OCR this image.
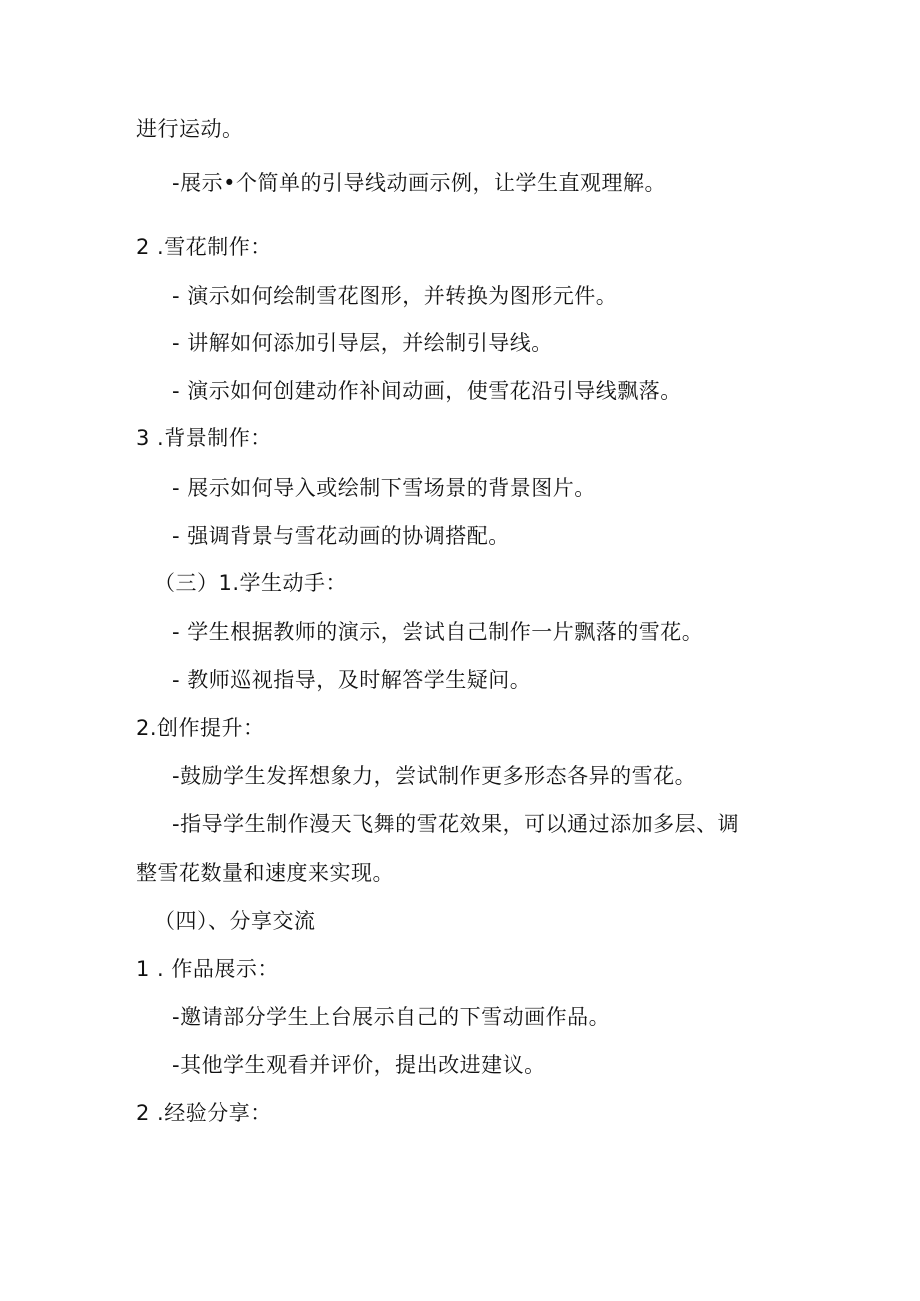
进行运动。
-展示•个简单的引导线动画示例，让学生直观理解。
2 .雪花制作：
- 演示如何绘制雪花图形，并转换为图形元件。
- 讲解如何添加引导层，并绘制引导线。
- 演示如何创建动作补间动画，使雪花沿引导线飘落。
3 .背景制作：
- 展示如何导入或绘制下雪场景的背景图片。
- 强调背景与雪花动画的协调搭配。
（三）1.学生动手：
- 学生根据教师的演示，尝试自己制作一片飘落的雪花。
- 教师巡视指导，及时解答学生疑问。
2.创作提升：
-鼓励学生发挥想象力，尝试制作更多形态各异的雪花。
-指导学生制作漫天飞舞的雪花效果，可以通过添加多层、调
整雪花数量和速度来实现。
（四）、分享交流
1 . 作品展示：
-邀请部分学生上台展示自己的下雪动画作品。
-其他学生观看并评价，提出改进建议。
2 .经验分享：
